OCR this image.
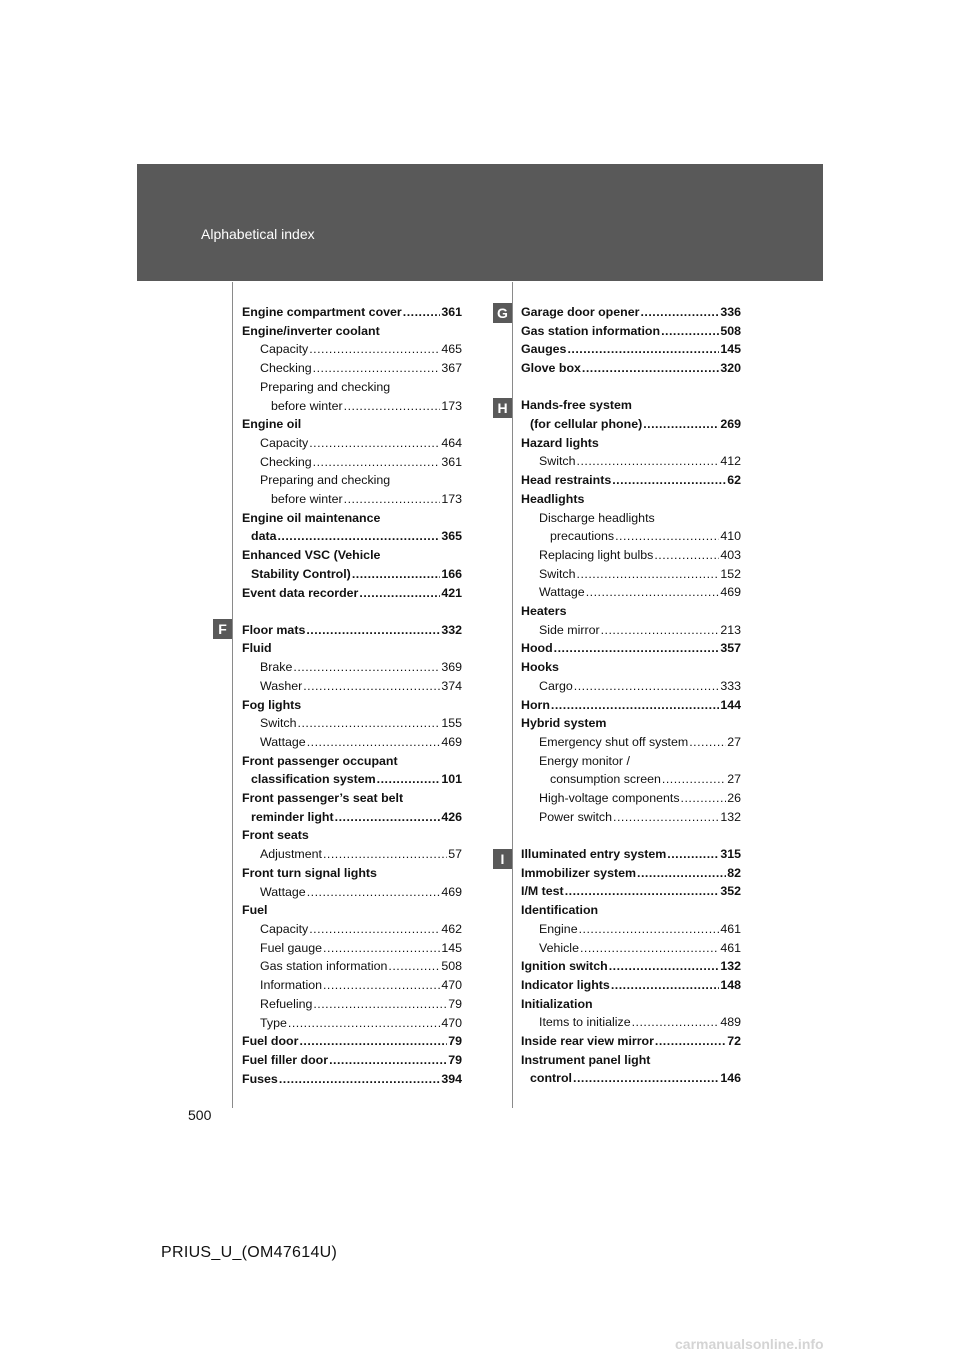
Alphabetical index
F
G
H
I
Engine compartment cover .....	361
Engine/inverter coolant
Capacity .....	465
Checking .....	367
Preparing and checking
before winter .....	173
Engine oil
Capacity .....	464
Checking .....	361
Preparing and checking
before winter .....	173
Engine oil maintenance
data .....	365
Enhanced VSC (Vehicle
Stability Control) .....	166
Event data recorder .....	421
Floor mats .....	332
Fluid
Brake .....	369
Washer .....	374
Fog lights
Switch .....	155
Wattage .....	469
Front passenger occupant
classification system .....	101
Front passenger’s seat belt
reminder light .....	426
Front seats
Adjustment .....	57
Front turn signal lights
Wattage .....	469
Fuel
Capacity .....	462
Fuel gauge .....	145
Gas station information .....	508
Information .....	470
Refueling .....	79
Type .....	470
Fuel door .....	79
Fuel filler door .....	79
Fuses .....	394
Garage door opener .....	336
Gas station information .....	508
Gauges .....	145
Glove box .....	320
Hands-free system
(for cellular phone) .....	269
Hazard lights
Switch .....	412
Head restraints .....	62
Headlights
Discharge headlights
precautions .....	410
Replacing light bulbs .....	403
Switch .....	152
Wattage .....	469
Heaters
Side mirror .....	213
Hood .....	357
Hooks
Cargo .....	333
Horn .....	144
Hybrid system
Emergency shut off system .....	27
Energy monitor /
consumption screen .....	27
High-voltage components .....	26
Power switch .....	132
Illuminated entry system .....	315
Immobilizer system .....	82
I/M test .....	352
Identification
Engine .....	461
Vehicle .....	461
Ignition switch .....	132
Indicator lights .....	148
Initialization
Items to initialize .....	489
Inside rear view mirror .....	72
Instrument panel light
control .....	146
500
PRIUS_U_(OM47614U)
carmanualsonline.info
